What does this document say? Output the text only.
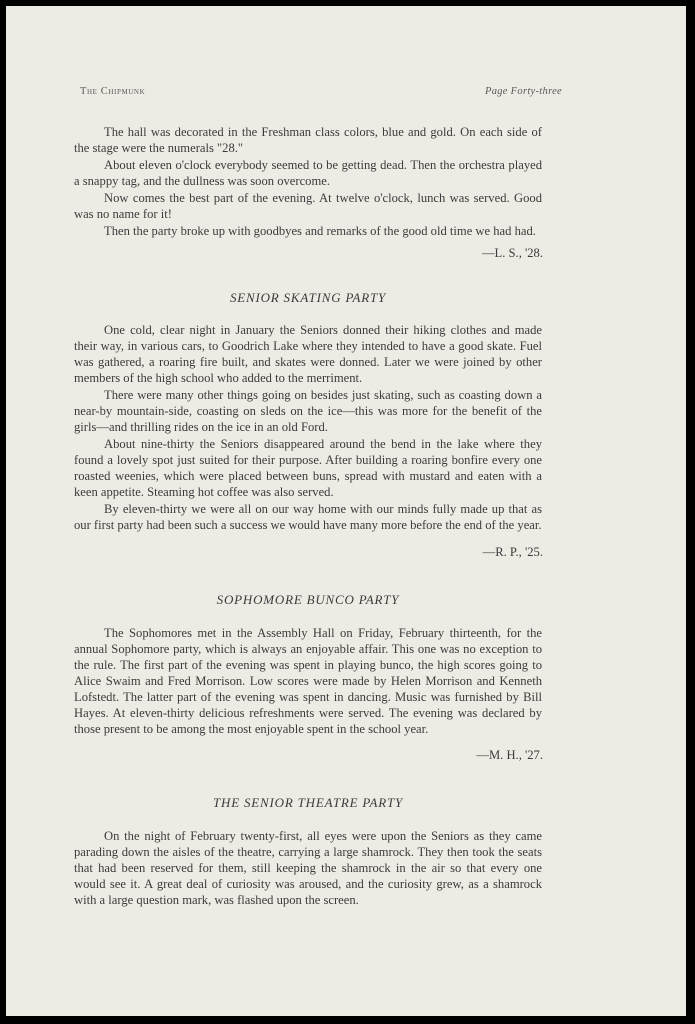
The Chipmunk	Page Forty-three

The hall was decorated in the Freshman class colors, blue and gold. On each side of the stage were the numerals "28."

About eleven o'clock everybody seemed to be getting dead. Then the orchestra played a snappy tag, and the dullness was soon overcome.

Now comes the best part of the evening. At twelve o'clock, lunch was served. Good was no name for it!

Then the party broke up with goodbyes and remarks of the good old time we had had.

—L. S., '28.
SENIOR SKATING PARTY

One cold, clear night in January the Seniors donned their hiking clothes and made their way, in various cars, to Goodrich Lake where they intended to have a good skate. Fuel was gathered, a roaring fire built, and skates were donned. Later we were joined by other members of the high school who added to the merriment.

There were many other things going on besides just skating, such as coasting down a near-by mountain-side, coasting on sleds on the ice—this was more for the benefit of the girls—and thrilling rides on the ice in an old Ford.

About nine-thirty the Seniors disappeared around the bend in the lake where they found a lovely spot just suited for their purpose. After building a roaring bonfire every one roasted weenies, which were placed between buns, spread with mustard and eaten with a keen appetite. Steaming hot coffee was also served.

By eleven-thirty we were all on our way home with our minds fully made up that as our first party had been such a success we would have many more before the end of the year.

—R. P., '25.
SOPHOMORE BUNCO PARTY

The Sophomores met in the Assembly Hall on Friday, February thirteenth, for the annual Sophomore party, which is always an enjoyable affair. This one was no exception to the rule. The first part of the evening was spent in playing bunco, the high scores going to Alice Swaim and Fred Morrison. Low scores were made by Helen Morrison and Kenneth Lofstedt. The latter part of the evening was spent in dancing. Music was furnished by Bill Hayes. At eleven-thirty delicious refreshments were served. The evening was declared by those present to be among the most enjoyable spent in the school year.

—M. H., '27.
THE SENIOR THEATRE PARTY

On the night of February twenty-first, all eyes were upon the Seniors as they came parading down the aisles of the theatre, carrying a large shamrock. They then took the seats that had been reserved for them, still keeping the shamrock in the air so that every one would see it. A great deal of curiosity was aroused, and the curiosity grew, as a shamrock with a large question mark, was flashed upon the screen.
